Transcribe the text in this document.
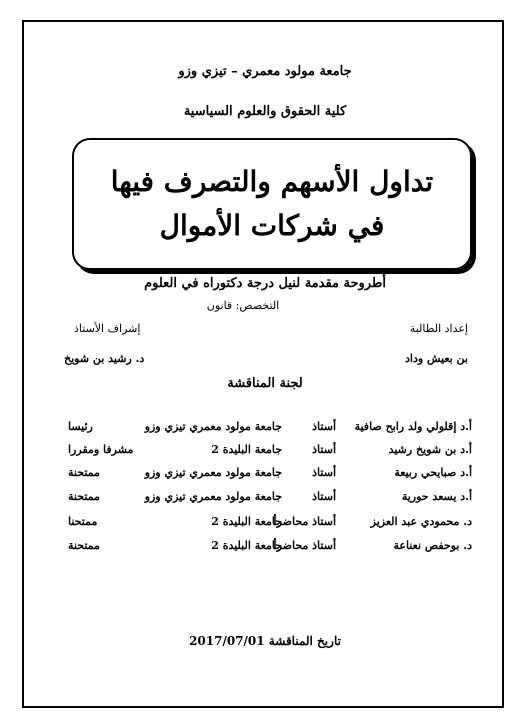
جامعة مولود معمري – تيزي وزو
كلية الحقوق والعلوم السياسية
تداول الأسهم والتصرف فيها
في شركات الأموال
أطروحة مقدمة لنيل درجة دكتوراه في العلوم
التخصص: قانون
إعداد الطالبة
إشراف الأستاذ
بن بعيش وداد
د. رشيد بن شويخ
لجنة المناقشة
أ.د إقلولي ولد رابح صافية
أستاذ
جامعة مولود معمري تيزي وزو
رئيسا
أ.د بن شويخ رشيد
أستاذ
جامعة البليدة 2
مشرفا ومقررا
أ.د صبايحي ربيعة
أستاذ
جامعة مولود معمري تيزي وزو
ممتحنة
أ.د يسعد حورية
أستاذ
جامعة مولود معمري تيزي وزو
ممتحنة
د. محمودي عبد العزيز
أستاذ محاضرأ
جامعة البليدة 2
ممتحنا
د. بوحفص نعناعة
أستاذ محاضرأ
جامعة البليدة 2
ممتحنة
تاريخ المناقشة 2017/07/01
